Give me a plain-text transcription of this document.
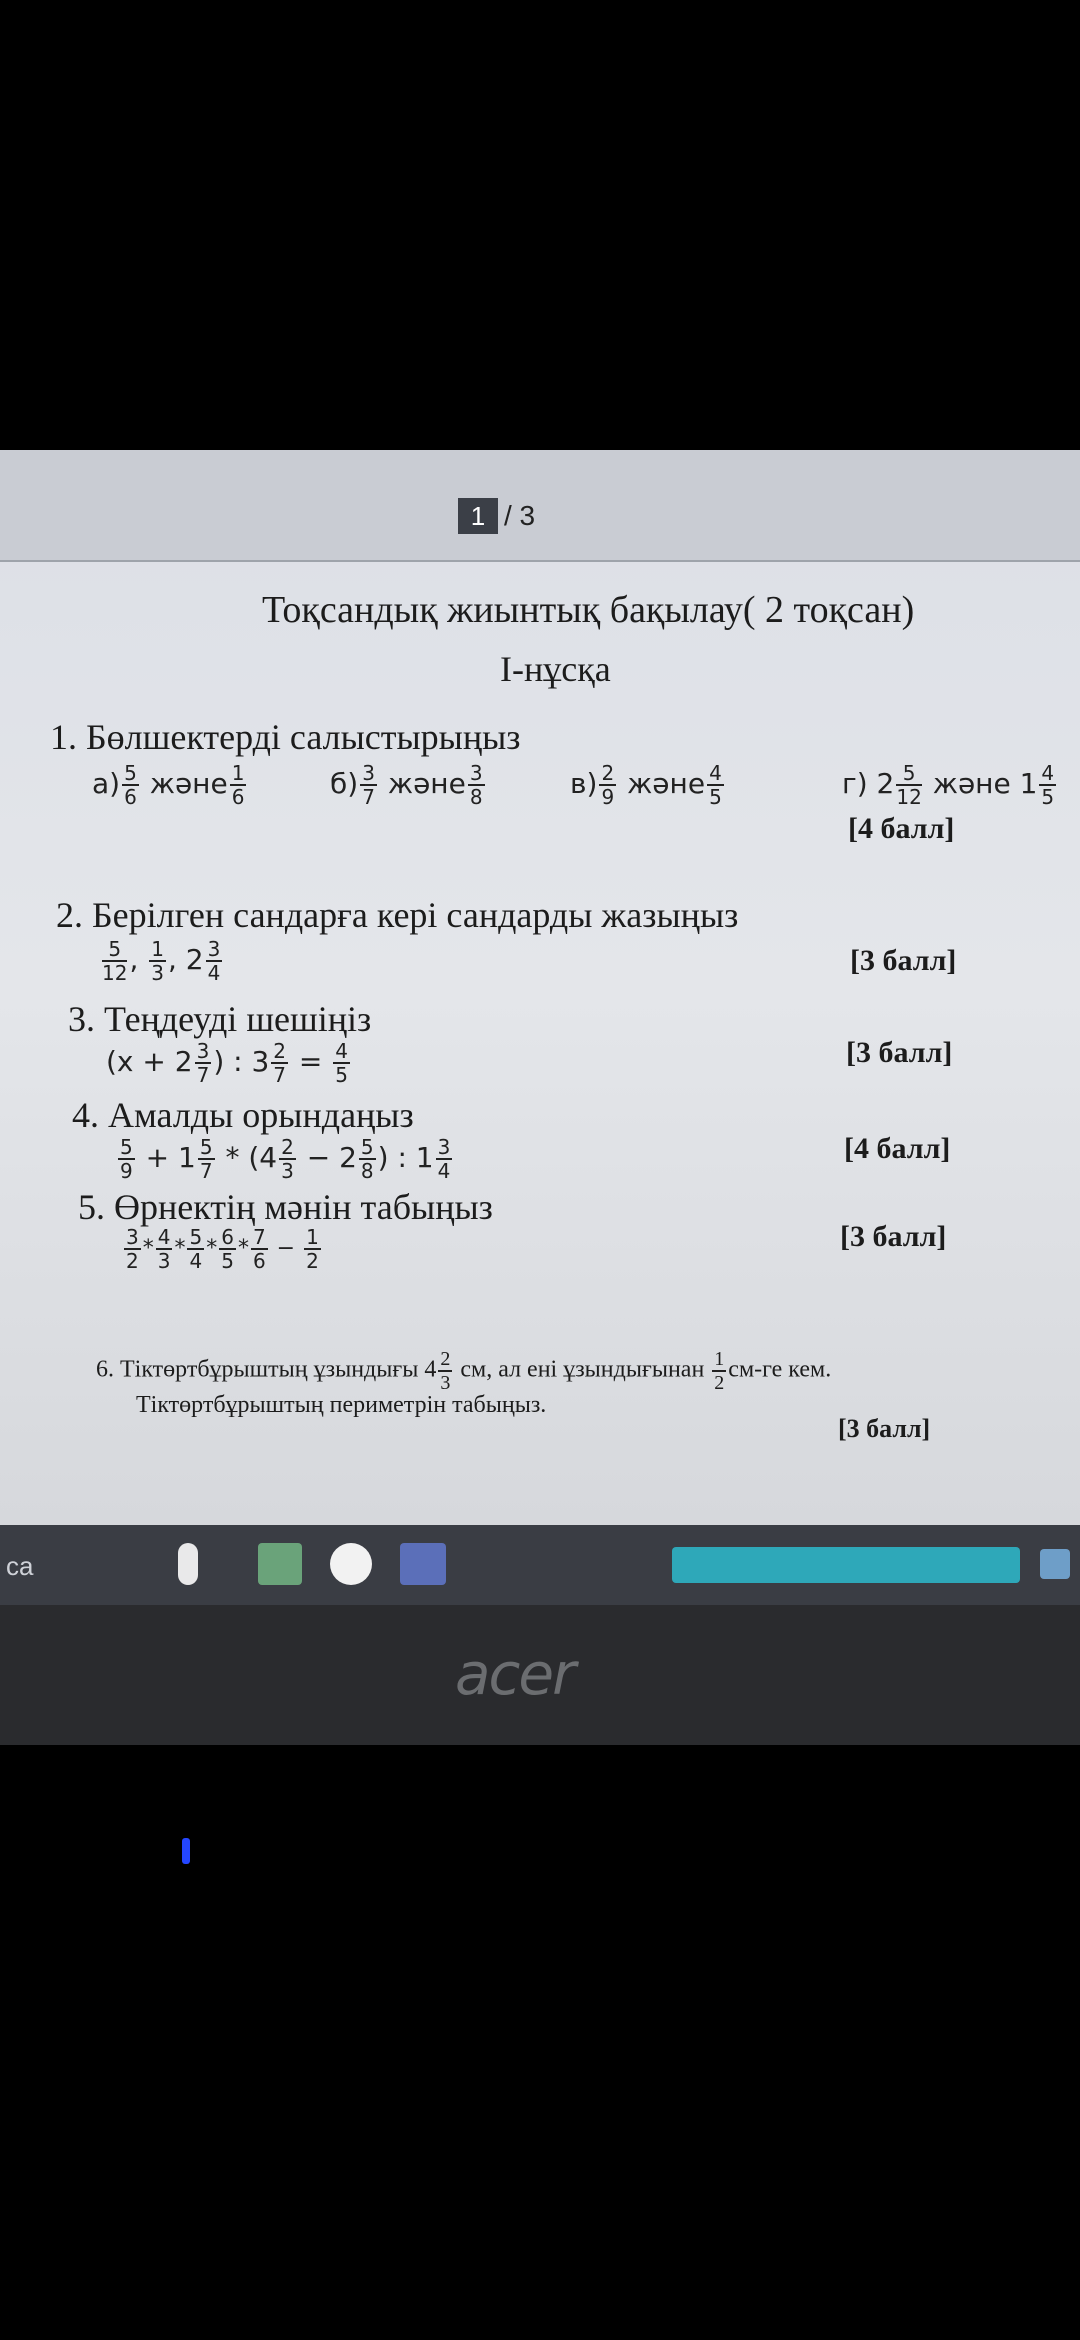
1 / 3
Тоқсандық жиынтық бақылау( 2 тоқсан)
I-нұсқа
1. Бөлшектерді салыстырыңыз
$а) \frac{5}{6}$ және $\frac{1}{6}$	$б) \frac{3}{7}$ және $\frac{3}{8}$	$в) \frac{2}{9}$ және $\frac{4}{5}$	г) $2 \frac{5}{12}$ және $1 \frac{4}{5}$
[4 балл]
2. Берілген сандарға кері сандарды жазыңыз
$\frac{5}{12}$ , $\frac{1}{3}$ , $2 \frac{3}{4}$	[3 балл]
3. Теңдеуді шешіңіз
($x + 2 \frac{3}{7}$ ) : $3 \frac{2}{7} = \frac{4}{5}$	[3 балл]
4. Амалды орындаңыз
$\frac{5}{9} + 1 \frac{5}{7} * (4 \frac{2}{3} - 2 \frac{5}{8}$ ) : $1 \frac{3}{4}$	[4 балл]
5. Өрнектің мәнін табыңыз
$\frac{3}{2} * \frac{4}{3} * \frac{5}{4} * \frac{6}{5} * \frac{7}{6} - \frac{1}{2}$	[3 балл]
6. Тіктөртбұрыштың ұзындығы $4 \frac{2}{3}$ см, ал ені ұзындығынан $\frac{1}{2} см-ге$ кем.
Тіктөртбұрыштың периметрін табыңыз.
[3 балл]
са
acer
